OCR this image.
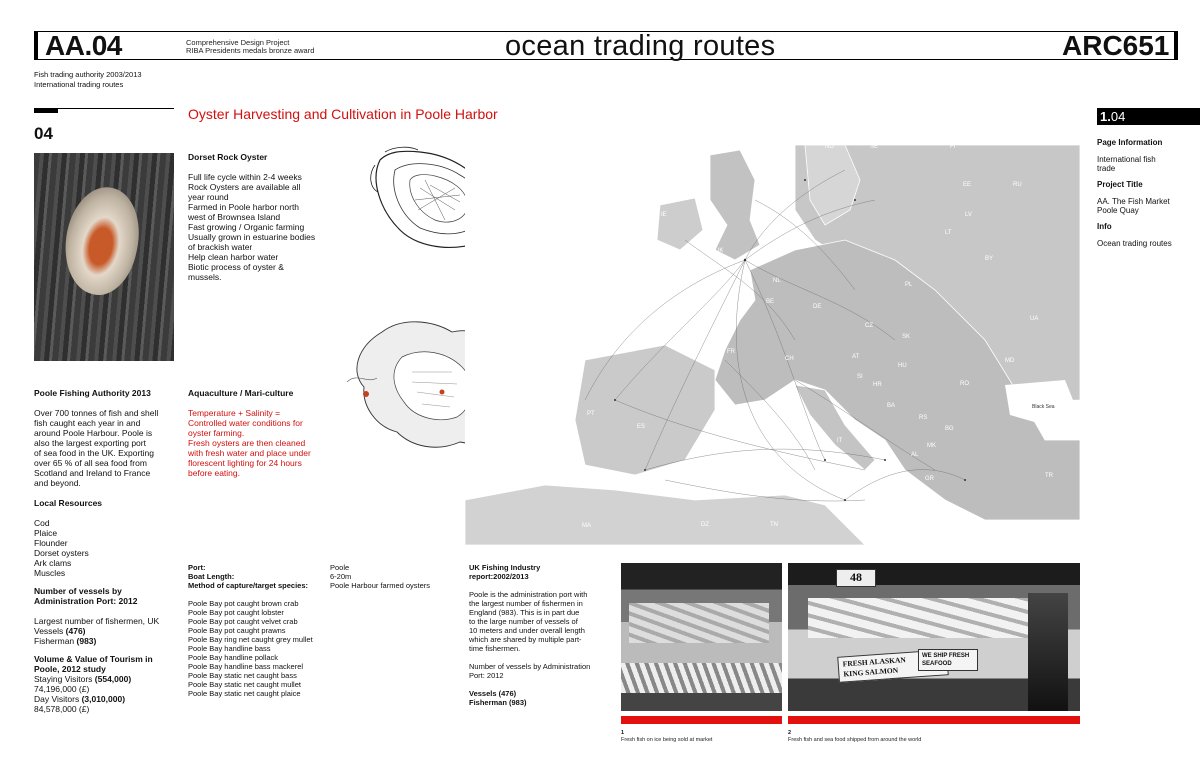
AA.04	Comprehensive Design Project
RIBA Presidents medals bronze award	ocean trading routes	ARC651
Fish trading authority 2003/2013
International trading routes
04
Oyster Harvesting and Cultivation in Poole Harbor
Dorset Rock Oyster
Full life cycle within 2-4 weeks
Rock Oysters are available all
year round
Farmed in Poole harbor north
west of Brownsea Island
Fast growing / Organic farming
Usually grown in estuarine bodies
of brackish water
Help clean harbor water
Biotic process of oyster &
mussels.
Aquaculture / Mari-culture
Temperature + Salinity =
Controlled water conditions for
oyster farming.
Fresh oysters are then cleaned
with fresh water and place under
florescent lighting for 24 hours
before eating.
Poole Fishing Authority 2013
Over 700 tonnes of fish and shell
fish caught each year in and
around Poole Harbour. Poole is
also the largest exporting port
of sea food in the UK. Exporting
over 65 % of all sea food from
Scotland and Ireland to France
and beyond.
Local Resources
Cod
Plaice
Flounder
Dorset oysters
Ark clams
Muscles
Number of vessels by
Administration Port: 2012
Largest number of fishermen, UK
Vessels (476)
Fisherman (983)
Volume & Value of Tourism in
Poole, 2012 study
Staying Visitors (554,000)
74,196,000 (£)
Day Visitors (3,010,000)
84,578,000 (£)
Port:	Poole
Boat Length:	6-20m
Method of capture/target species:	Poole Harbour farmed oysters
Poole Bay pot caught brown crab
Poole Bay pot caught lobster
Poole Bay pot caught velvet crab
Poole Bay pot caught prawns
Poole Bay ring net caught grey mullet
Poole Bay handline bass
Poole Bay handline pollack
Poole Bay handline bass mackerel
Poole Bay static net caught bass
Poole Bay static net caught mullet
Poole Bay static net caught plaice
UK Fishing Industry
report:2002/2013
Poole is the administration port with
the largest number of fishermen in
England (983). This is in part due
to the large number of vessels of
10 meters and under overall length
which are shared by multiple part-
time fishermen.
Number of vessels by Administration
Port: 2012
Vessels (476)
Fisherman (983)
48
FRESH ALASKAN
KING SALMON
WE SHIP FRESH
SEAFOOD
1
Fresh fish on ice being sold at market
2
Fresh fish and sea food shipped from around the world
NO	SE	FI
RU
EE
LV
LT
BY
UA
MD
RO
BG
TR
IE
UK
NL
BE
DE
PL
CZ
SK
AT
HU
CH
FR
PT
ES
IT
SI
HR
BA
RS
MK
AL
GR
MA	DZ	TN
Black Sea
1.04
Page Information
International fish
trade
Project Title
AA. The Fish Market
Poole Quay
Info
Ocean trading routes
